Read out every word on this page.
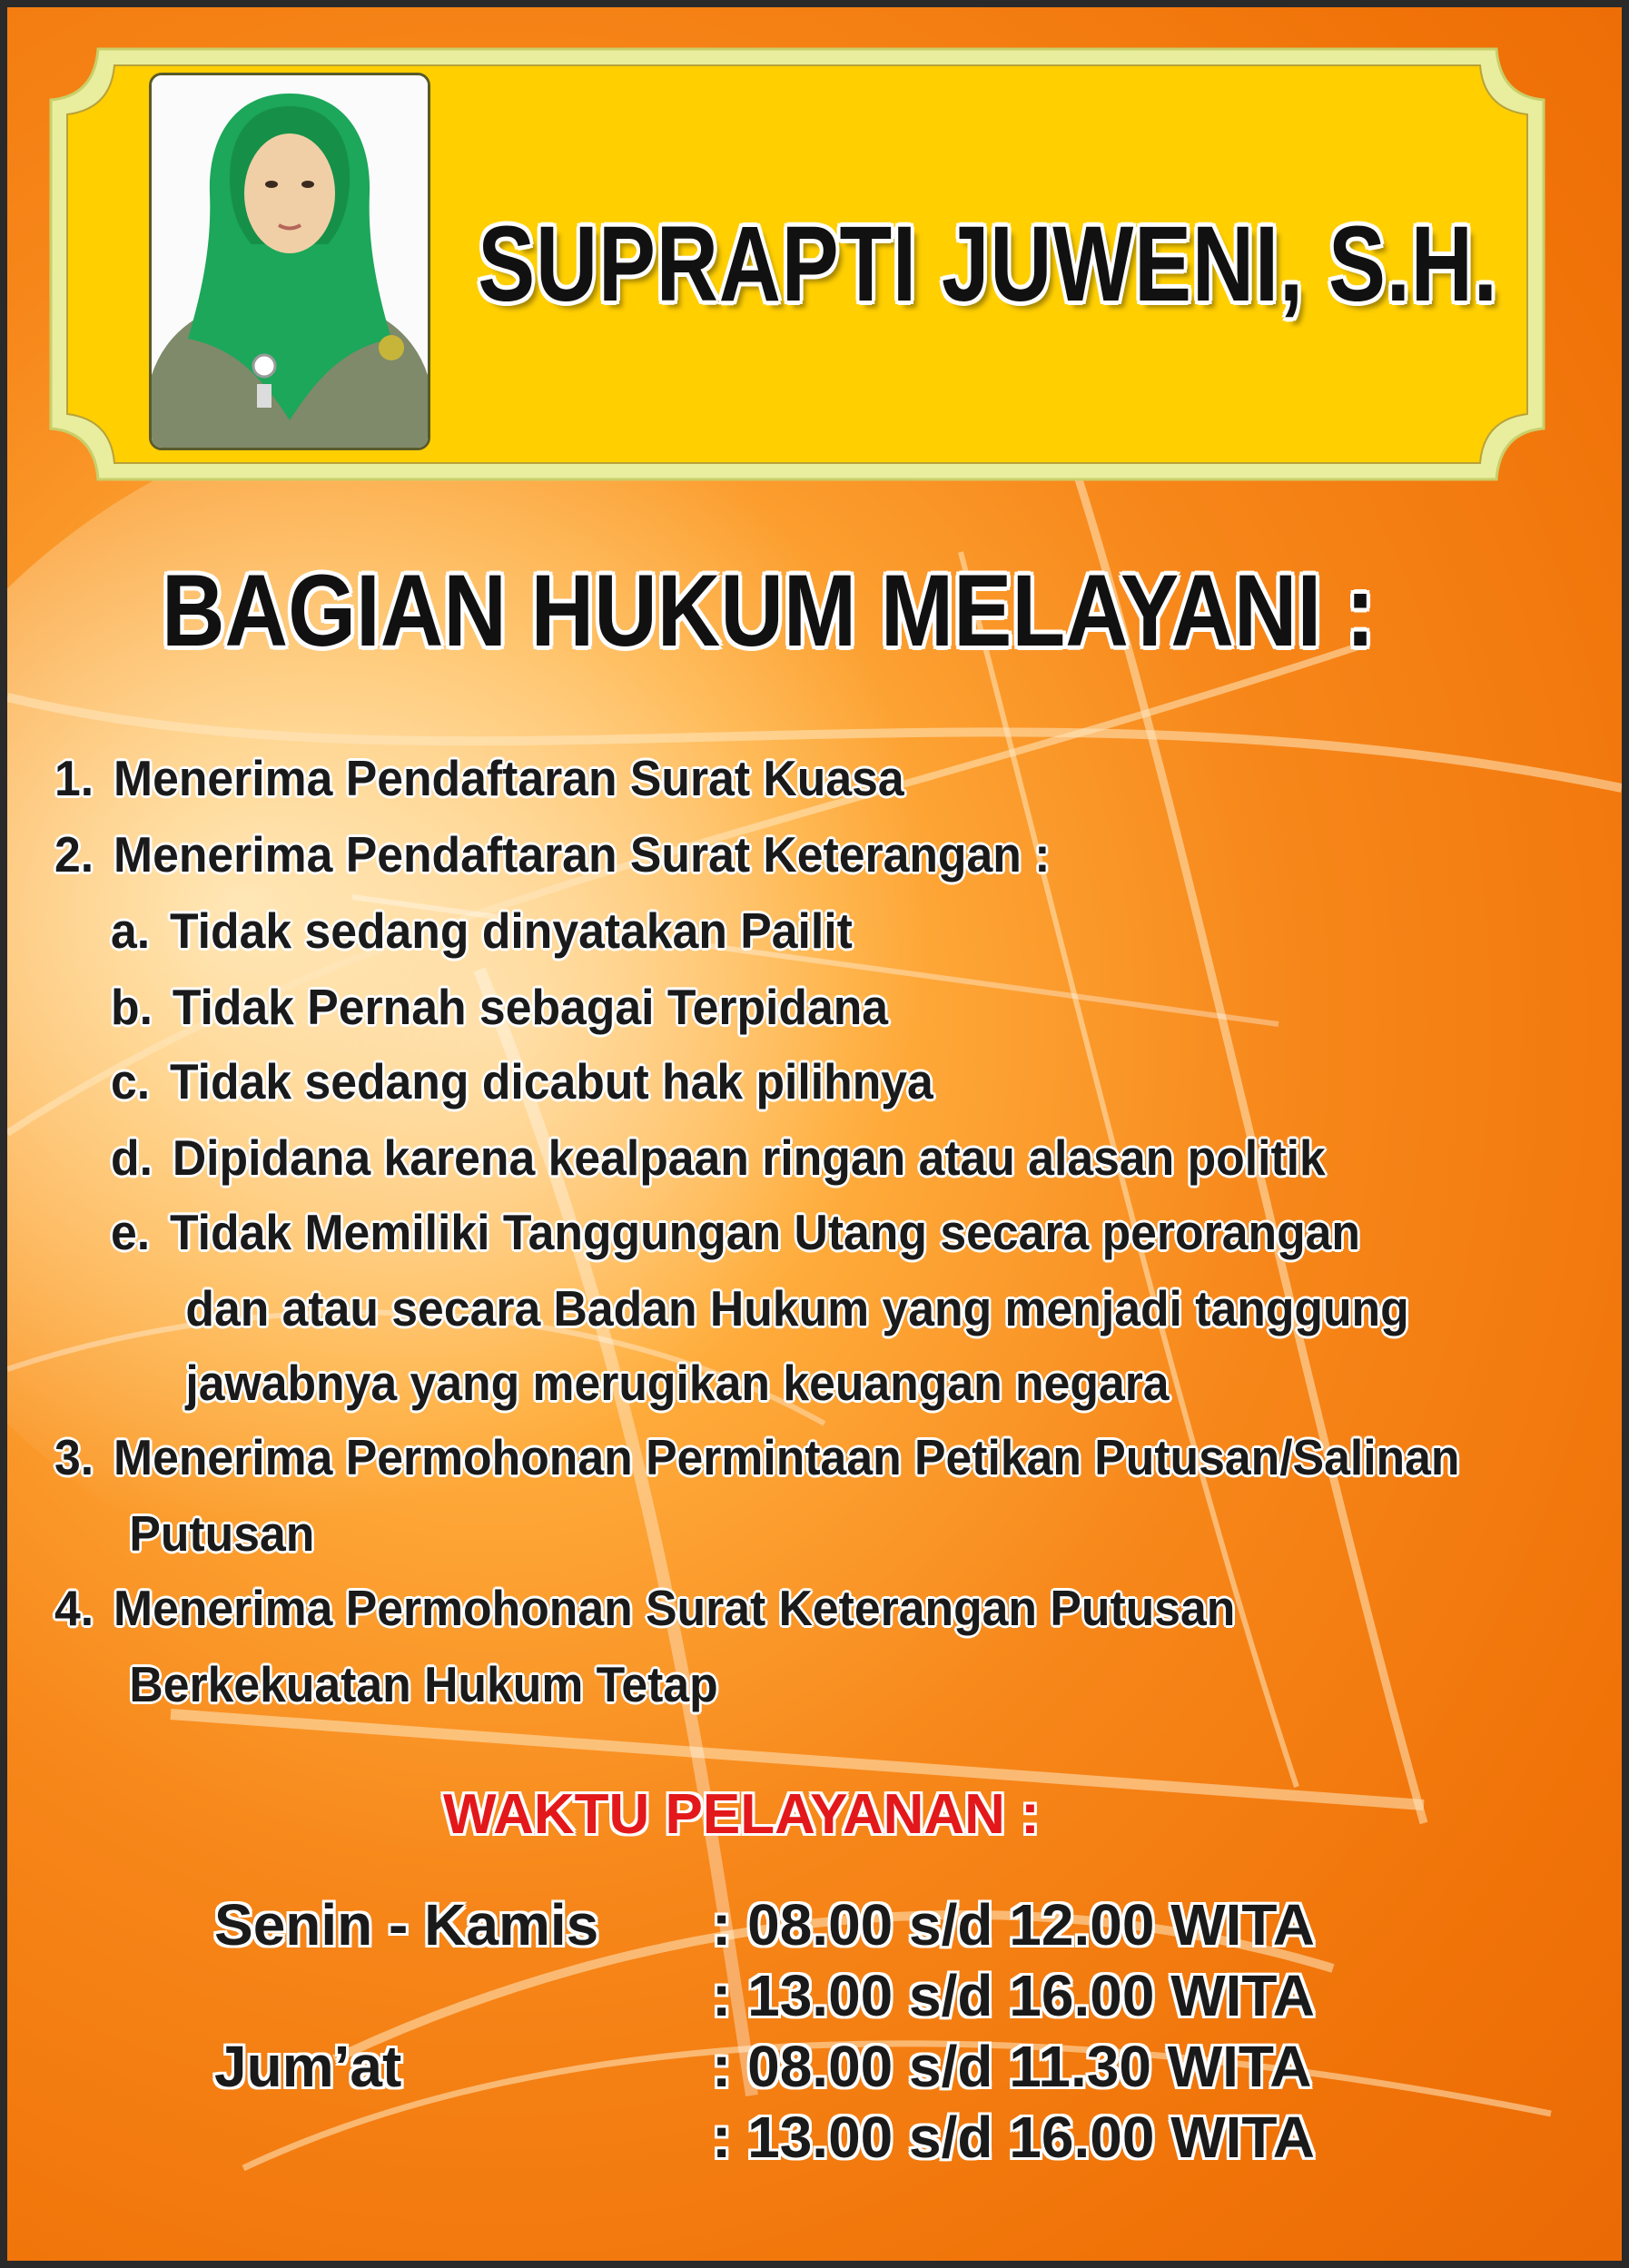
SUPRAPTI JUWENI, S.H.
BAGIAN HUKUM MELAYANI :
1. Menerima Pendaftaran Surat Kuasa
2. Menerima Pendaftaran Surat Keterangan :
a. Tidak sedang dinyatakan Pailit
b. Tidak Pernah sebagai Terpidana
c. Tidak sedang dicabut hak pilihnya
d. Dipidana karena kealpaan ringan atau alasan politik
e. Tidak Memiliki Tanggungan Utang secara perorangan
dan atau secara Badan Hukum yang menjadi tanggung
jawabnya yang merugikan keuangan negara
3. Menerima Permohonan Permintaan Petikan Putusan/Salinan
Putusan
4. Menerima Permohonan Surat Keterangan Putusan
Berkekuatan Hukum Tetap
WAKTU PELAYANAN :
Senin - Kamis : 08.00 s/d 12.00 WITA
: 13.00 s/d 16.00 WITA
Jum’at	: 08.00 s/d 11.30 WITA
: 13.00 s/d 16.00 WITA
